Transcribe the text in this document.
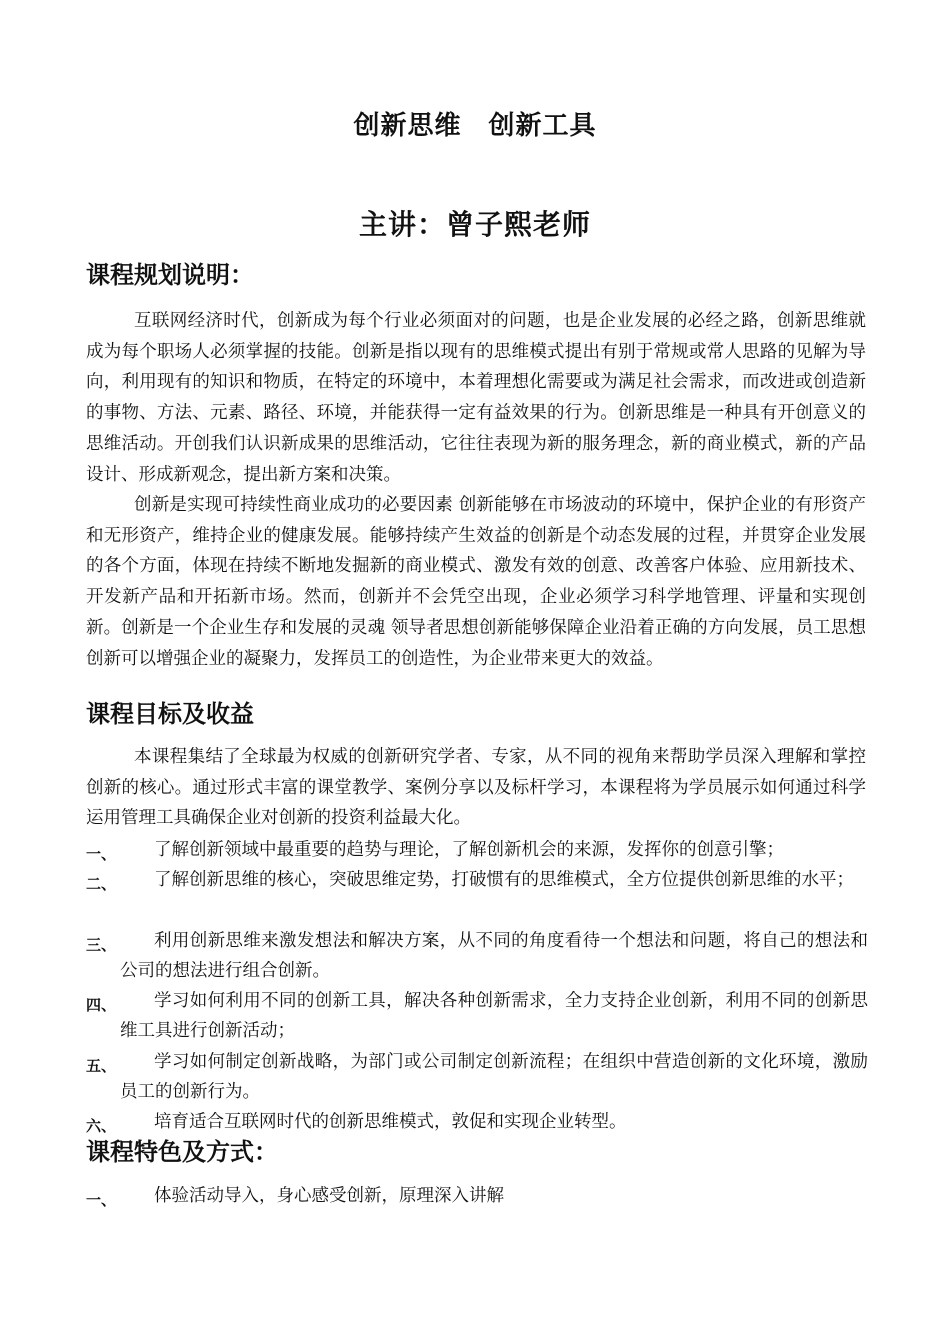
创新思维　创新工具
主讲：曾子熙老师
课程规划说明：

互联网经济时代，创新成为每个行业必须面对的问题，也是企业发展的必经之路，创新思维就成为每个职场人必须掌握的技能。创新是指以现有的思维模式提出有别于常规或常人思路的见解为导向，利用现有的知识和物质，在特定的环境中，本着理想化需要或为满足社会需求，而改进或创造新的事物、方法、元素、路径、环境，并能获得一定有益效果的行为。创新思维是一种具有开创意义的思维活动。开创我们认识新成果的思维活动，它往往表现为新的服务理念，新的商业模式，新的产品设计、形成新观念，提出新方案和决策。

创新是实现可持续性商业成功的必要因素 创新能够在市场波动的环境中，保护企业的有形资产和无形资产，维持企业的健康发展。能够持续产生效益的创新是个动态发展的过程，并贯穿企业发展的各个方面，体现在持续不断地发掘新的商业模式、激发有效的创意、改善客户体验、应用新技术、开发新产品和开拓新市场。然而，创新并不会凭空出现，企业必须学习科学地管理、评量和实现创新。创新是一个企业生存和发展的灵魂 领导者思想创新能够保障企业沿着正确的方向发展，员工思想创新可以增强企业的凝聚力，发挥员工的创造性，为企业带来更大的效益。

课程目标及收益

本课程集结了全球最为权威的创新研究学者、专家，从不同的视角来帮助学员深入理解和掌控创新的核心。通过形式丰富的课堂教学、案例分享以及标杆学习，本课程将为学员展示如何通过科学运用管理工具确保企业对创新的投资利益最大化。

一、	了解创新领域中最重要的趋势与理论，了解创新机会的来源，发挥你的创意引擎；
二、	了解创新思维的核心，突破思维定势，打破惯有的思维模式，全方位提供创新思维的水平；
三、	利用创新思维来激发想法和解决方案，从不同的角度看待一个想法和问题，将自己的想法和公司的想法进行组合创新。
四、	学习如何利用不同的创新工具，解决各种创新需求，全力支持企业创新，利用不同的创新思维工具进行创新活动；
五、	学习如何制定创新战略，为部门或公司制定创新流程；在组织中营造创新的文化环境，激励员工的创新行为。
六、	培育适合互联网时代的创新思维模式，敦促和实现企业转型。
课程特色及方式：
一、	体验活动导入，身心感受创新，原理深入讲解
